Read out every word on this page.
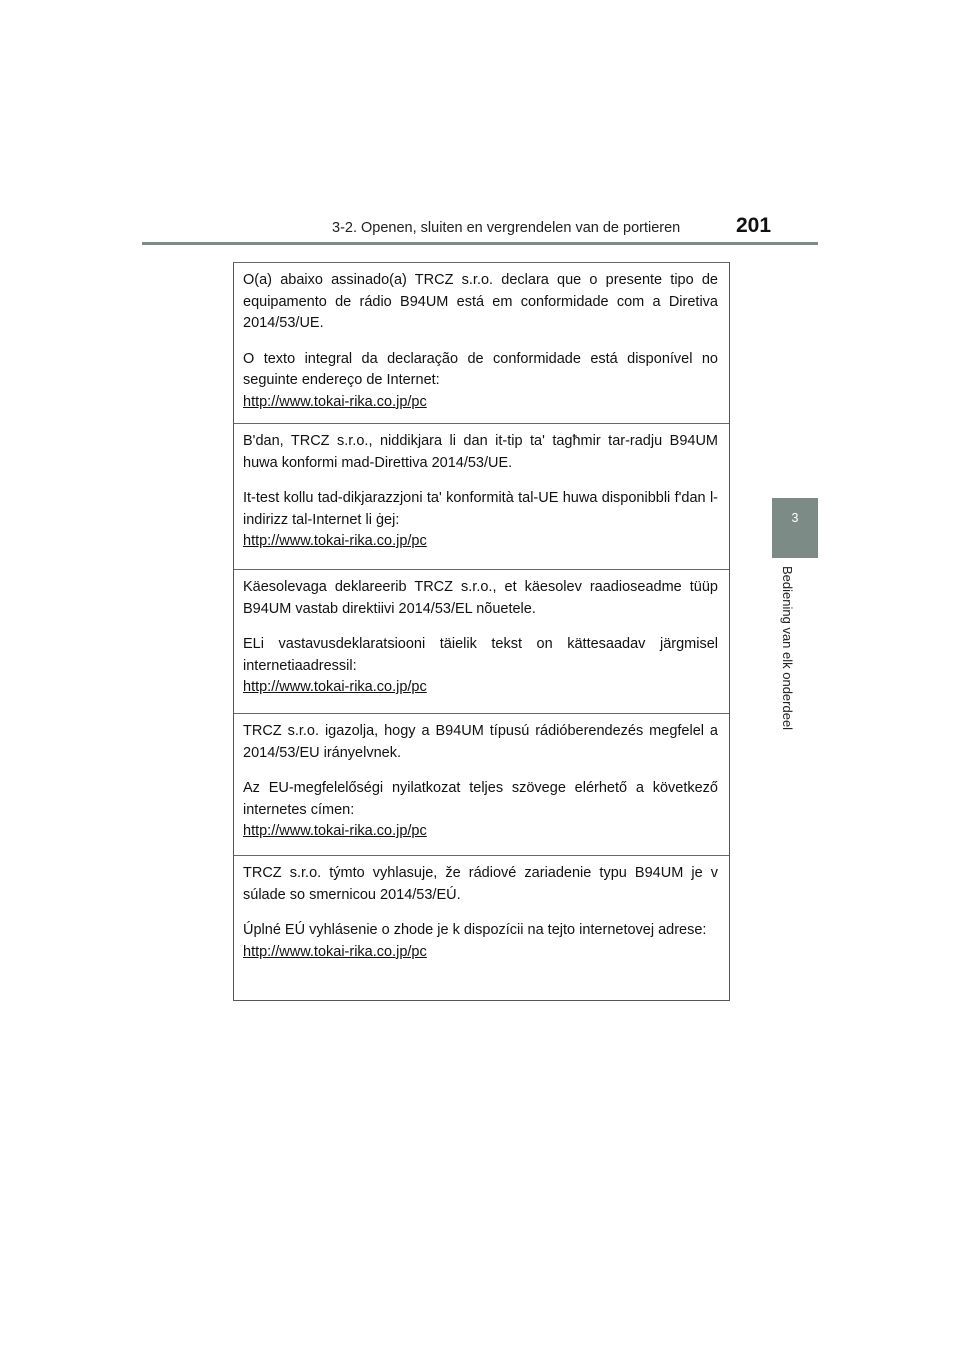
3-2. Openen, sluiten en vergrendelen van de portieren	201
3
Bediening van elk onderdeel

O(a) abaixo assinado(a) TRCZ s.r.o. declara que o presente tipo de equipamento de rádio B94UM está em conformidade com a Diretiva 2014/53/UE.

O texto integral da declaração de conformidade está disponível no seguinte endereço de Internet:

http://www.tokai-rika.co.jp/pc

B'dan, TRCZ s.r.o., niddikjara li dan it-tip ta' tagħmir tar-radju B94UM huwa konformi mad-Direttiva 2014/53/UE.

It-test kollu tad-dikjarazzjoni ta' konformità tal-UE huwa disponibbli f'dan l-indirizz tal-Internet li ġej:

http://www.tokai-rika.co.jp/pc

Käesolevaga deklareerib TRCZ s.r.o., et käesolev raadioseadme tüüp B94UM vastab direktiivi 2014/53/EL nõuetele.

ELi vastavusdeklaratsiooni täielik tekst on kättesaadav järgmisel internetiaadressil:

http://www.tokai-rika.co.jp/pc

TRCZ s.r.o. igazolja, hogy a B94UM típusú rádióberendezés megfelel a 2014/53/EU irányelvnek.

Az EU-megfelelőségi nyilatkozat teljes szövege elérhető a következő internetes címen:

http://www.tokai-rika.co.jp/pc

TRCZ s.r.o. týmto vyhlasuje, že rádiové zariadenie typu B94UM je v súlade so smernicou 2014/53/EÚ.

Úplné EÚ vyhlásenie o zhode je k dispozícii na tejto internetovej adrese:

http://www.tokai-rika.co.jp/pc
